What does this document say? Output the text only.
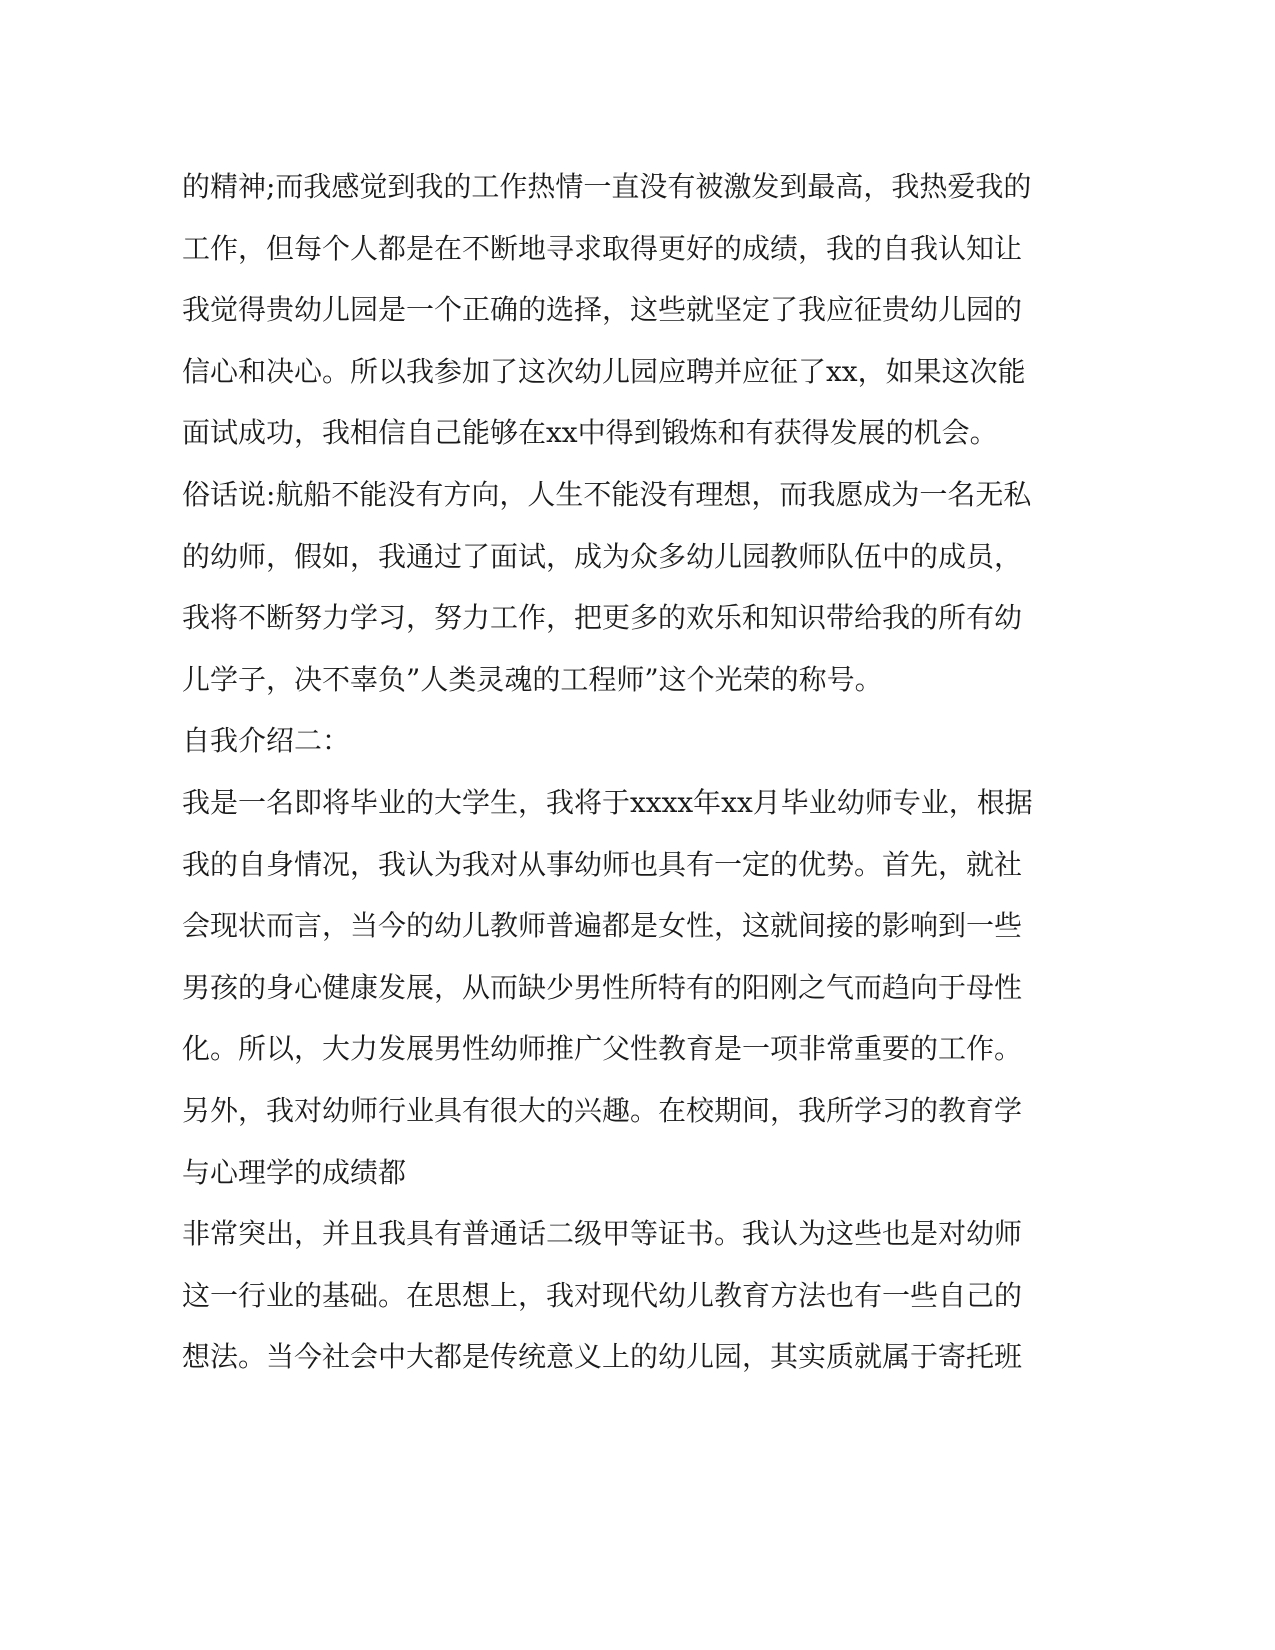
的精神;而我感觉到我的工作热情一直没有被激发到最高，我热爱我的
工作，但每个人都是在不断地寻求取得更好的成绩，我的自我认知让
我觉得贵幼儿园是一个正确的选择，这些就坚定了我应征贵幼儿园的
信心和决心。所以我参加了这次幼儿园应聘并应征了xx，如果这次能
面试成功，我相信自己能够在xx中得到锻炼和有获得发展的机会。
俗话说:航船不能没有方向，人生不能没有理想，而我愿成为一名无私
的幼师，假如，我通过了面试，成为众多幼儿园教师队伍中的成员，
我将不断努力学习，努力工作，把更多的欢乐和知识带给我的所有幼
儿学子，决不辜负”人类灵魂的工程师”这个光荣的称号。
自我介绍二：
我是一名即将毕业的大学生，我将于xxxx年xx月毕业幼师专业，根据
我的自身情况，我认为我对从事幼师也具有一定的优势。首先，就社
会现状而言，当今的幼儿教师普遍都是女性，这就间接的影响到一些
男孩的身心健康发展，从而缺少男性所特有的阳刚之气而趋向于母性
化。所以，大力发展男性幼师推广父性教育是一项非常重要的工作。
另外，我对幼师行业具有很大的兴趣。在校期间，我所学习的教育学
与心理学的成绩都
非常突出，并且我具有普通话二级甲等证书。我认为这些也是对幼师
这一行业的基础。在思想上，我对现代幼儿教育方法也有一些自己的
想法。当今社会中大都是传统意义上的幼儿园，其实质就属于寄托班
